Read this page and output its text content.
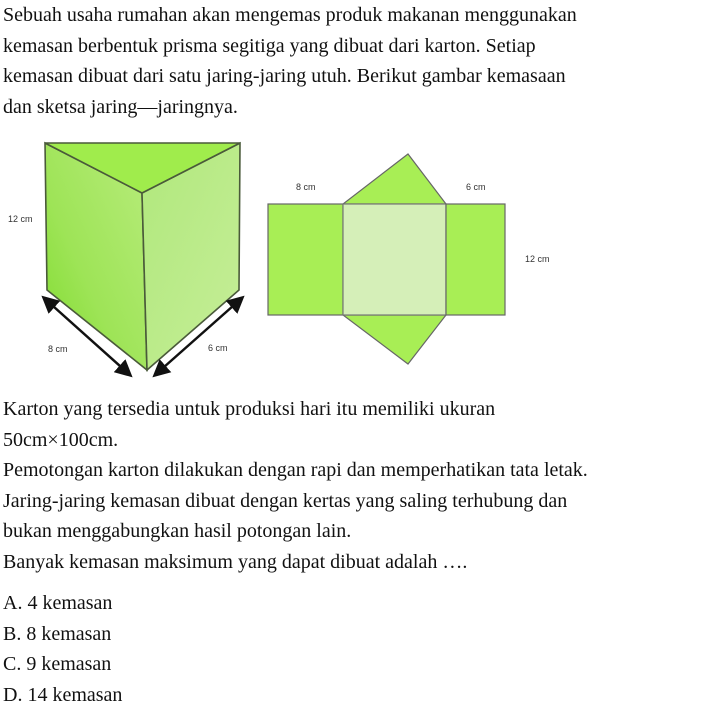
Sebuah usaha rumahan akan mengemas produk makanan menggunakan
kemasan berbentuk prisma segitiga yang dibuat dari karton. Setiap
kemasan dibuat dari satu jaring-jaring utuh. Berikut gambar kemasaan
dan sketsa jaring—jaringnya.
12 cm
8 cm	6 cm
8 cm	6 cm
12 cm
Karton yang tersedia untuk produksi hari itu memiliki ukuran
50cm×100cm.
Pemotongan karton dilakukan dengan rapi dan memperhatikan tata letak.
Jaring-jaring kemasan dibuat dengan kertas yang saling terhubung dan
bukan menggabungkan hasil potongan lain.
Banyak kemasan maksimum yang dapat dibuat adalah ….
A. 4 kemasan
B. 8 kemasan
C. 9 kemasan
D. 14 kemasan
